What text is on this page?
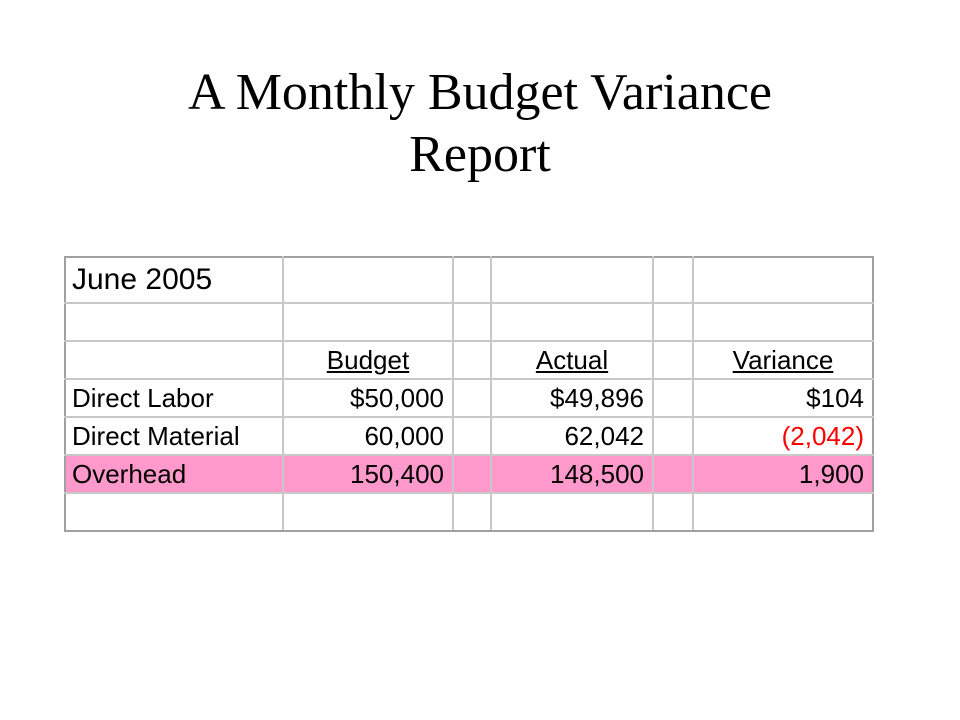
A Monthly Budget Variance
Report
June 2005					

	Budget		Actual		Variance
Direct Labor	$50,000		$49,896		$104
Direct Material	60,000		62,042		(2,042)
Overhead	150,400		148,500		1,900
